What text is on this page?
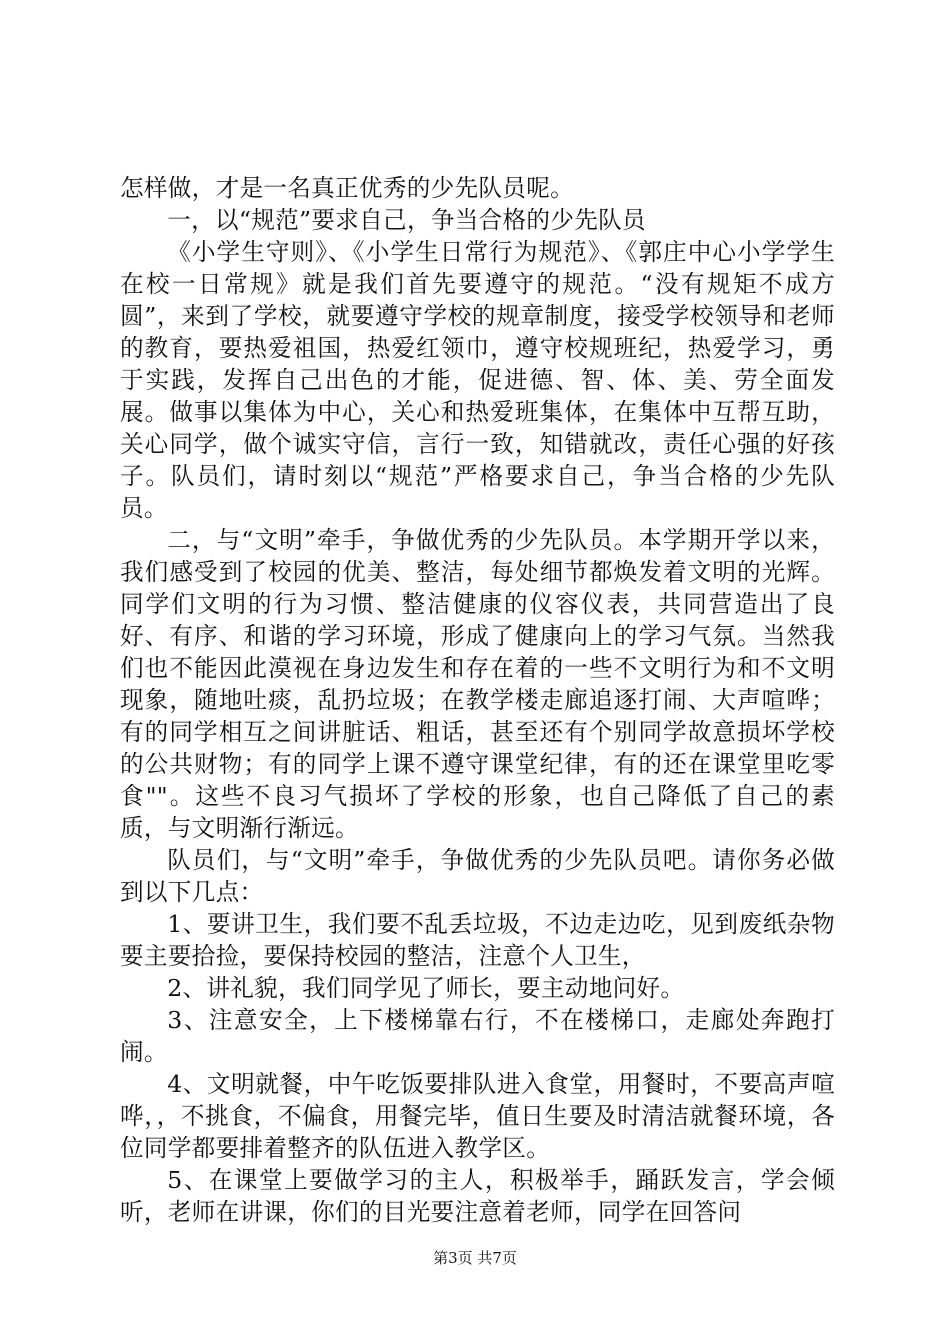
怎样做，才是一名真正优秀的少先队员呢。

一，以“规范”要求自己，争当合格的少先队员

《小学生守则》、《小学生日常行为规范》、《郭庄中心小学学生在校一日常规》就是我们首先要遵守的规范。“没有规矩不成方圆”，来到了学校，就要遵守学校的规章制度，接受学校领导和老师的教育，要热爱祖国，热爱红领巾，遵守校规班纪，热爱学习，勇于实践，发挥自己出色的才能，促进德、智、体、美、劳全面发展。做事以集体为中心，关心和热爱班集体，在集体中互帮互助，关心同学，做个诚实守信，言行一致，知错就改，责任心强的好孩子。队员们，请时刻以“规范”严格要求自己，争当合格的少先队员。

二，与“文明”牵手，争做优秀的少先队员。本学期开学以来，我们感受到了校园的优美、整洁，每处细节都焕发着文明的光辉。同学们文明的行为习惯、整洁健康的仪容仪表，共同营造出了良好、有序、和谐的学习环境，形成了健康向上的学习气氛。当然我们也不能因此漠视在身边发生和存在着的一些不文明行为和不文明现象，随地吐痰，乱扔垃圾；在教学楼走廊追逐打闹、大声喧哗；有的同学相互之间讲脏话、粗话，甚至还有个别同学故意损坏学校的公共财物；有的同学上课不遵守课堂纪律，有的还在课堂里吃零食""。这些不良习气损坏了学校的形象，也自己降低了自己的素质，与文明渐行渐远。

队员们，与“文明”牵手，争做优秀的少先队员吧。请你务必做到以下几点：

1、要讲卫生，我们要不乱丢垃圾，不边走边吃，见到废纸杂物要主要拾捡，要保持校园的整洁，注意个人卫生，

2、讲礼貌，我们同学见了师长，要主动地问好。

3、注意安全，上下楼梯靠右行，不在楼梯口，走廊处奔跑打闹。

4、文明就餐，中午吃饭要排队进入食堂，用餐时，不要高声喧哗，，不挑食，不偏食，用餐完毕，值日生要及时清洁就餐环境，各位同学都要排着整齐的队伍进入教学区。

5、在课堂上要做学习的主人，积极举手，踊跃发言，学会倾听，老师在讲课，你们的目光要注意着老师，同学在回答问

第3页 共7页
